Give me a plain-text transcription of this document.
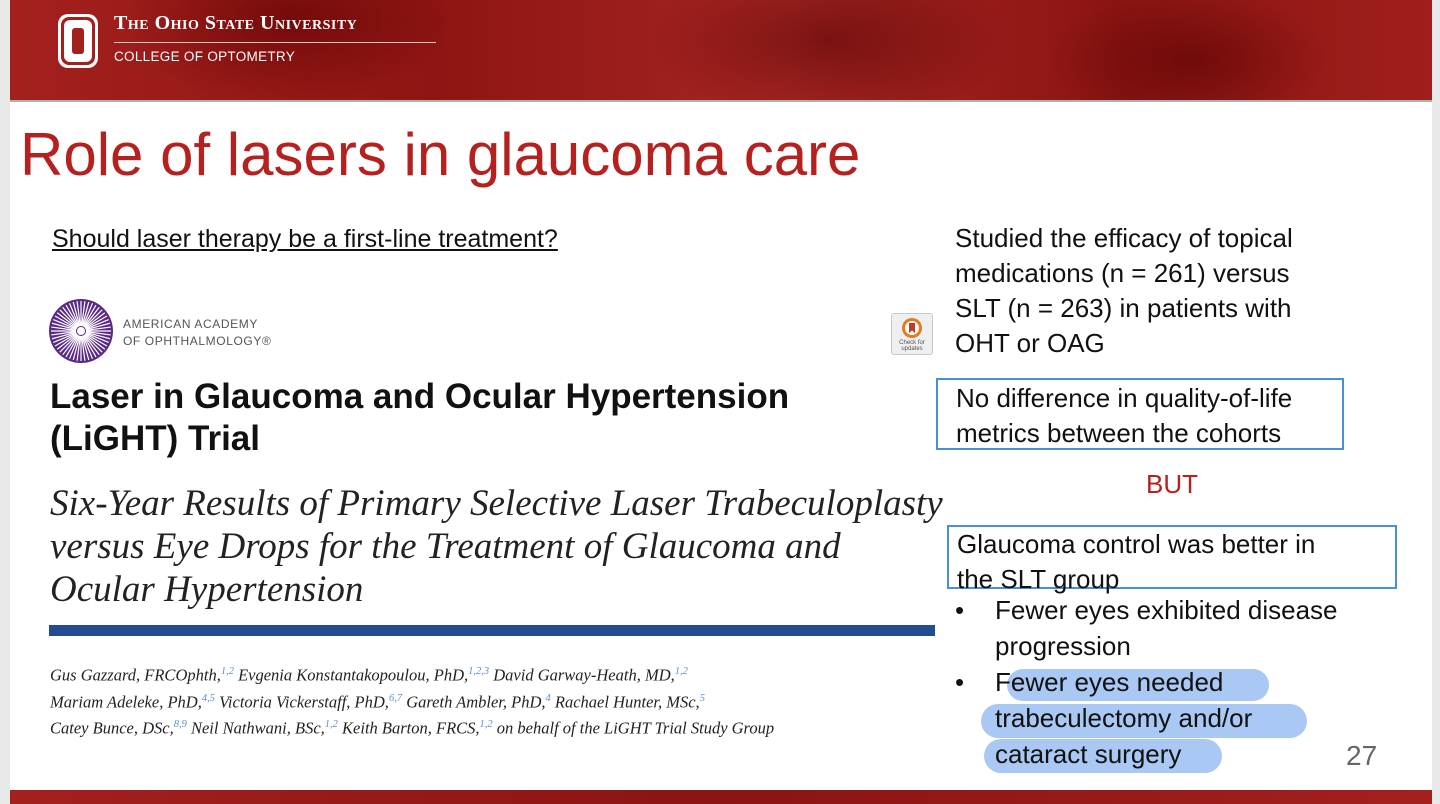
The Ohio State University
COLLEGE OF OPTOMETRY
Role of lasers in glaucoma care
Should laser therapy be a first-line treatment?
AMERICAN ACADEMY
OF OPHTHALMOLOGY®	Check for
updates
Laser in Glaucoma and Ocular Hypertension
(LiGHT) Trial
Six-Year Results of Primary Selective Laser Trabeculoplasty
versus Eye Drops for the Treatment of Glaucoma and
Ocular Hypertension
Gus Gazzard, FRCOphth,$^{1,2}$ Evgenia Konstantakopoulou, PhD,$^{1,2,3}$ David Garway-Heath, MD,$^{1,2}$
Mariam Adeleke, PhD,$^{4,5}$ Victoria Vickerstaff, PhD,$^{6,7}$ Gareth Ambler, PhD,$^4$ Rachael Hunter, MSc,$^5$
Catey Bunce, DSc,$^{8,9}$ Neil Nathwani, BSc,$^{1,2}$ Keith Barton, FRCS,$^{1,2}$ on behalf of the LiGHT Trial Study Group
Studied the efficacy of topical
medications (n = 261) versus
SLT (n = 263) in patients with
OHT or OAG
No difference in quality-of-life
metrics between the cohorts
BUT
Glaucoma control was better in
the SLT group
• Fewer eyes exhibited disease
progression
• Fewer eyes needed
trabeculectomy and/or
cataract surgery	27
